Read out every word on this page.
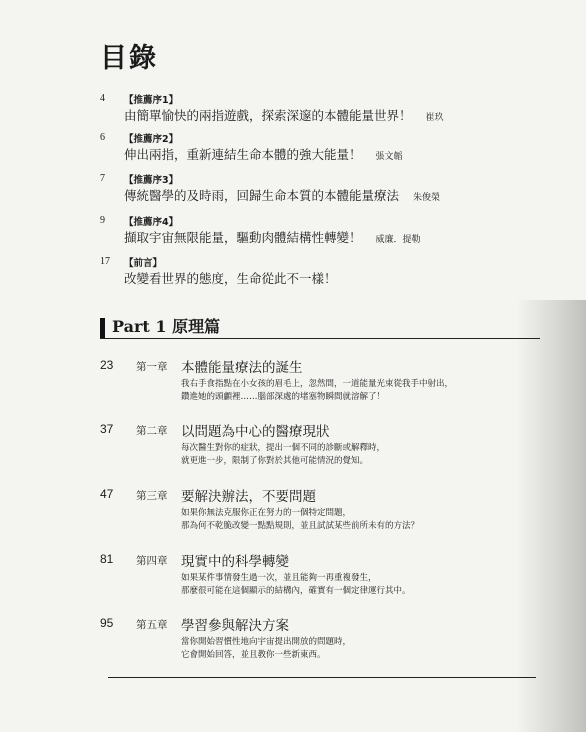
目錄
4	【推薦序1】
由簡單愉快的兩指遊戲，探索深邃的本體能量世界！ 崔玖
6	【推薦序2】
伸出兩指，重新連結生命本體的強大能量！ 張文韜
7	【推薦序3】
傳統醫學的及時雨，回歸生命本質的本體能量療法 朱俊榮
9	【推薦序4】
擷取宇宙無限能量，驅動肉體結構性轉變！ 威廉．提勒
17	【前言】
改變看世界的態度，生命從此不一樣！
Part 1 原理篇
23 第一章 本體能量療法的誕生
我右手食指點在小女孩的眉毛上，忽然間，一道能量光束從我手中射出，
鑽進她的頭顱裡……腦部深處的堵塞物瞬間就溶解了！
37 第二章 以問題為中心的醫療現狀
每次醫生對你的症狀，提出一個不同的診斷或解釋時，
就更進一步，限制了你對於其他可能情況的覺知。
47 第三章 要解決辦法，不要問題
如果你無法克服你正在努力的一個特定問題，
那為何不乾脆改變一點點規則，並且試試某些前所未有的方法？
81 第四章 現實中的科學轉變
如果某件事情發生過一次，並且能夠一再重複發生，
那麼很可能在這個顯示的結構內，確實有一個定律運行其中。
95 第五章 學習參與解決方案
當你開始習慣性地向宇宙提出開放的問題時，
它會開始回答，並且教你一些新東西。
